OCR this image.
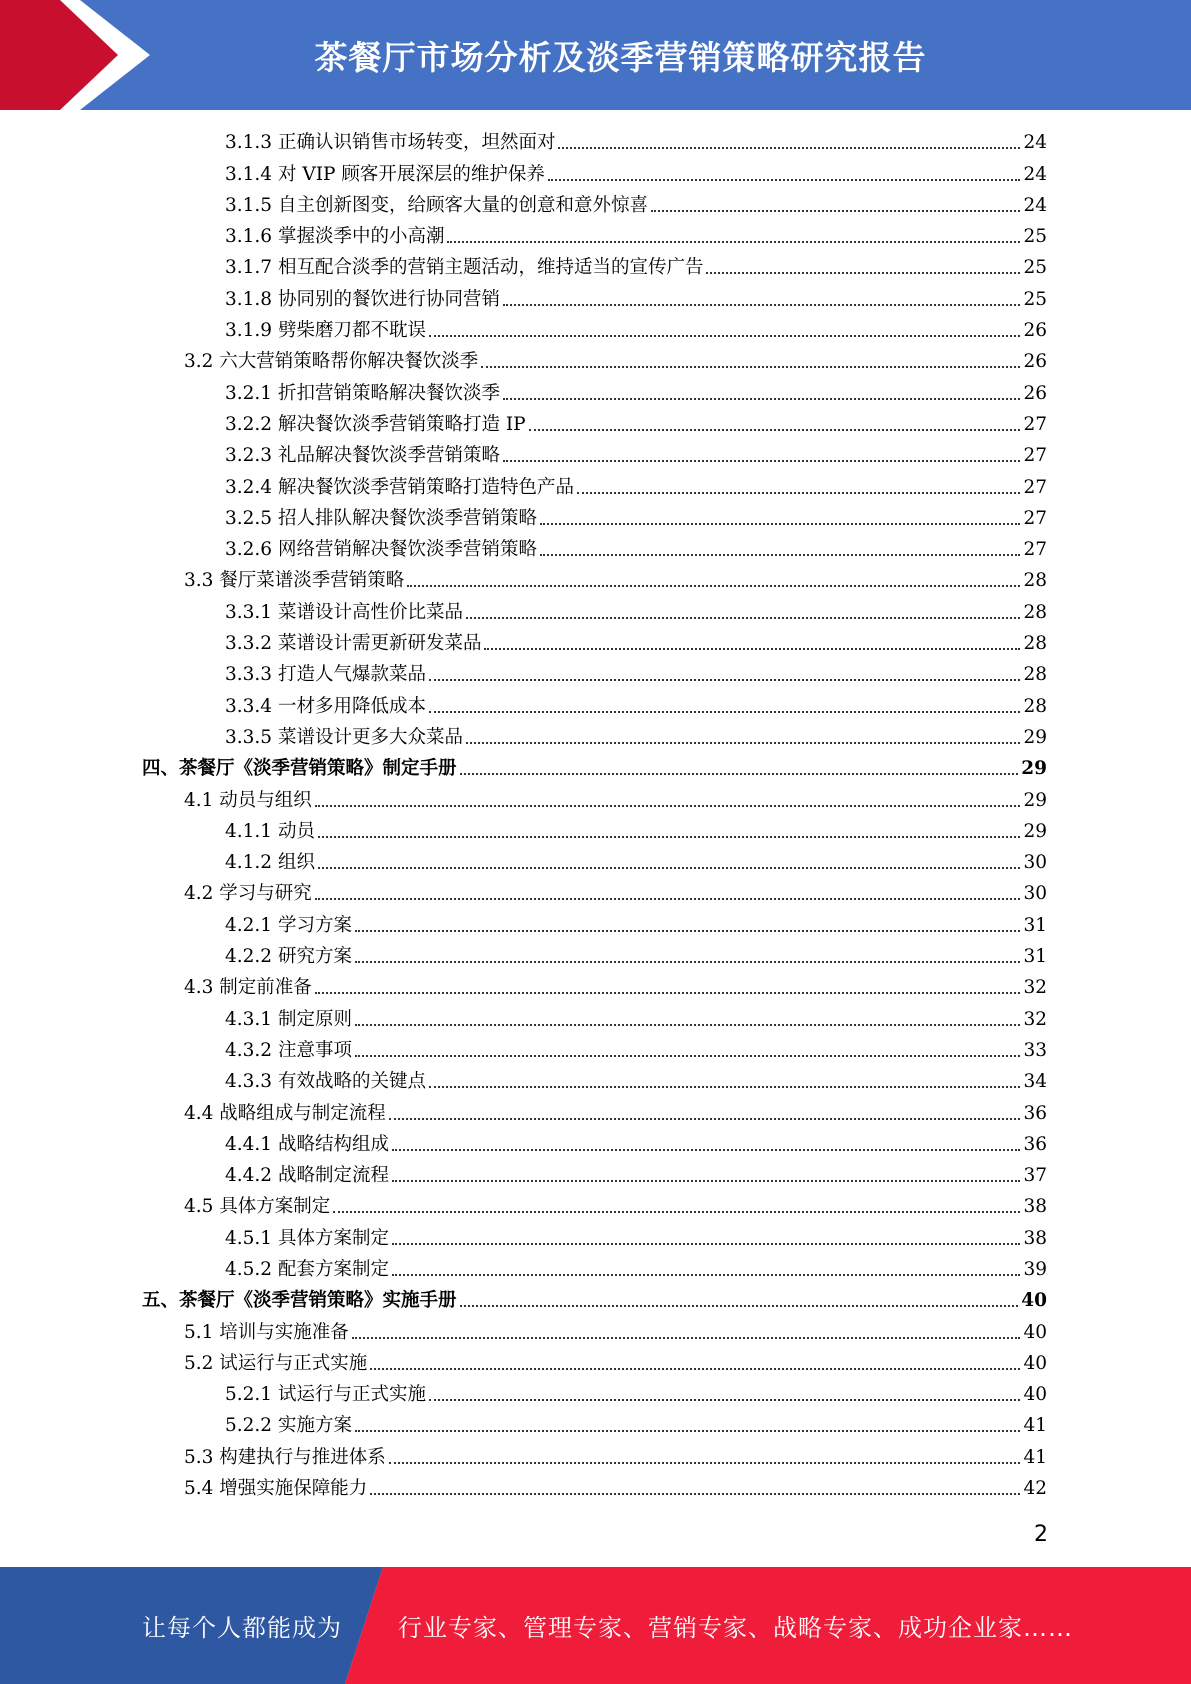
茶餐厅市场分析及淡季营销策略研究报告
3.1.3 正确认识销售市场转变，坦然面对	24
3.1.4 对 VIP 顾客开展深层的维护保养	24
3.1.5 自主创新图变，给顾客大量的创意和意外惊喜	24
3.1.6 掌握淡季中的小高潮	25
3.1.7 相互配合淡季的营销主题活动，维持适当的宣传广告	25
3.1.8 协同别的餐饮进行协同营销	25
3.1.9 劈柴磨刀都不耽误	26
3.2 六大营销策略帮你解决餐饮淡季	26
3.2.1 折扣营销策略解决餐饮淡季	26
3.2.2 解决餐饮淡季营销策略打造 IP	27
3.2.3 礼品解决餐饮淡季营销策略	27
3.2.4 解决餐饮淡季营销策略打造特色产品	27
3.2.5 招人排队解决餐饮淡季营销策略	27
3.2.6 网络营销解决餐饮淡季营销策略	27
3.3 餐厅菜谱淡季营销策略	28
3.3.1 菜谱设计高性价比菜品	28
3.3.2 菜谱设计需更新研发菜品	28
3.3.3 打造人气爆款菜品	28
3.3.4 一材多用降低成本	28
3.3.5 菜谱设计更多大众菜品	29
四、茶餐厅《淡季营销策略》制定手册	29
4.1 动员与组织	29
4.1.1 动员	29
4.1.2 组织	30
4.2 学习与研究	30
4.2.1 学习方案	31
4.2.2 研究方案	31
4.3 制定前准备	32
4.3.1 制定原则	32
4.3.2 注意事项	33
4.3.3 有效战略的关键点	34
4.4 战略组成与制定流程	36
4.4.1 战略结构组成	36
4.4.2 战略制定流程	37
4.5 具体方案制定	38
4.5.1 具体方案制定	38
4.5.2 配套方案制定	39
五、茶餐厅《淡季营销策略》实施手册	40
5.1 培训与实施准备	40
5.2 试运行与正式实施	40
5.2.1 试运行与正式实施	40
5.2.2 实施方案	41
5.3 构建执行与推进体系	41
5.4 增强实施保障能力	42
2
让每个人都能成为 行业专家、管理专家、营销专家、战略专家、成功企业家……
